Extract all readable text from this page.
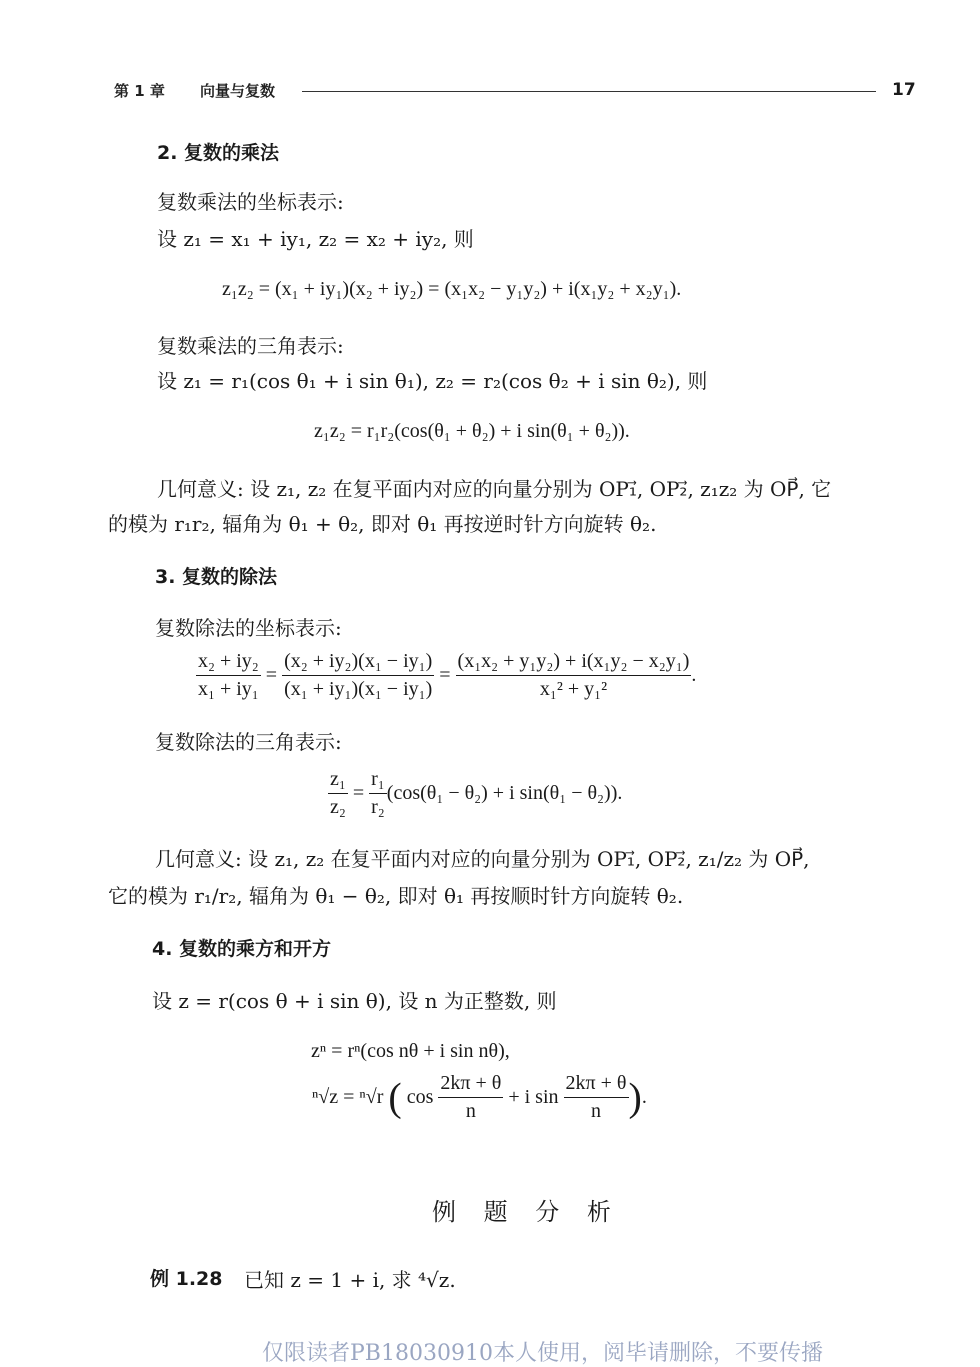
第 1 章 向量与复数	17
2. 复数的乘法
复数乘法的坐标表示:
设 z₁ = x₁ + iy₁, z₂ = x₂ + iy₂, 则
z₁z₂ = (x₁ + iy₁)(x₂ + iy₂) = (x₁x₂ − y₁y₂) + i(x₁y₂ + x₂y₁).
复数乘法的三角表示:
设 z₁ = r₁(cos θ₁ + i sin θ₁), z₂ = r₂(cos θ₂ + i sin θ₂), 则
z₁z₂ = r₁r₂(cos(θ₁ + θ₂) + i sin(θ₁ + θ₂)).
几何意义: 设 z₁, z₂ 在复平面内对应的向量分别为 OP₁⃗, OP₂⃗, z₁z₂ 为 OP⃗, 它
的模为 r₁r₂, 辐角为 θ₁ + θ₂, 即对 θ₁ 再按逆时针方向旋转 θ₂.
3. 复数的除法
复数除法的坐标表示:
$\frac{\text{x₂ + iy₂}}{\text{x₁ + iy₁}} = \frac{\text{(x₂ + iy₂)(x₁ − iy₁)}}{\text{(x₁ + iy₁)(x₁ − iy₁)}} = \frac{\text{(x₁x₂ + y₁y₂) + i(x₁y₂ − x₂y₁)}}{\text{x₁² + y₁²}}$ .
复数除法的三角表示:
$\frac{\text{z₁}}{\text{z₂}} = \frac{\text{r₁}}{\text{r₂}} (\cos(\theta_1 - \theta_2) + i$ sin(θ₁ − θ₂)).
几何意义: 设 z₁, z₂ 在复平面内对应的向量分别为 OP₁⃗, OP₂⃗, z₁/z₂ 为 OP⃗,
它的模为 r₁/r₂, 辐角为 θ₁ − θ₂, 即对 θ₁ 再按顺时针方向旋转 θ₂.
4. 复数的乘方和开方
设 z = r(cos θ + i sin θ), 设 n 为正整数, 则
zⁿ = rⁿ(cos nθ + i sin nθ),
ⁿ√z = ⁿ√r ( $\cos \frac{2k\pi + \theta}{n} + i$ $\sin \frac{2k\pi + \theta}{n}$ ).
例 题 分 析
例 1.28 已知 z = 1 + i, 求 ⁴√z.
仅限读者PB18030910本人使用，阅毕请删除，不要传播
